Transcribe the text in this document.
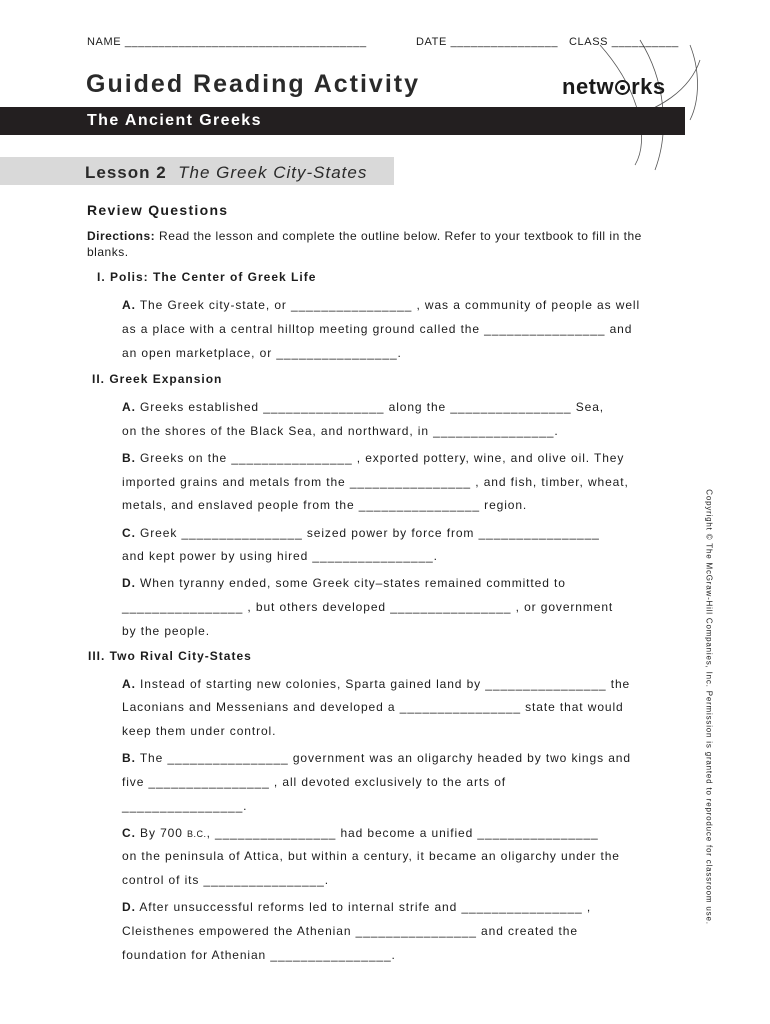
NAME ____________________________________	DATE ________________ CLASS __________
Guided Reading Activity	netw rks
The Ancient Greeks
Lesson 2 The Greek City-States
Review Questions
Directions: Read the lesson and complete the outline below. Refer to your textbook to fill in the blanks.
I. Polis: The Center of Greek Life
A. The Greek city-state, or ________________ , was a community of people as well
as a place with a central hilltop meeting ground called the ________________ and
an open marketplace, or ________________.
II. Greek Expansion
A. Greeks established ________________ along the ________________ Sea,
on the shores of the Black Sea, and northward, in ________________.
B. Greeks on the ________________ , exported pottery, wine, and olive oil. They
imported grains and metals from the ________________ , and fish, timber, wheat,
metals, and enslaved people from the ________________ region.
C. Greek ________________ seized power by force from ________________
and kept power by using hired ________________.
D. When tyranny ended, some Greek city–states remained committed to
________________ , but others developed ________________ , or government
by the people.
III. Two Rival City-States
A. Instead of starting new colonies, Sparta gained land by ________________ the
Laconians and Messenians and developed a ________________ state that would
keep them under control.
B. The ________________ government was an oligarchy headed by two kings and
five ________________ , all devoted exclusively to the arts of
________________.
C. By 700 B.C., ________________ had become a unified ________________
on the peninsula of Attica, but within a century, it became an oligarchy under the
control of its ________________.
D. After unsuccessful reforms led to internal strife and ________________ ,
Cleisthenes empowered the Athenian ________________ and created the
foundation for Athenian ________________.
Copyright © The McGraw-Hill Companies, Inc. Permission is granted to reproduce for classroom use.
